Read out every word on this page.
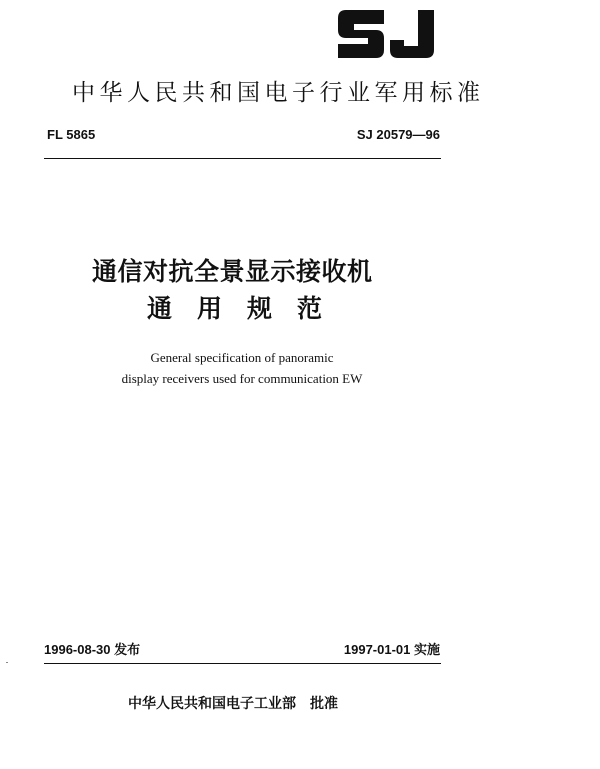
中华人民共和国电子行业军用标准
FL 5865	SJ 20579—96
通信对抗全景显示接收机
通用规范
General specification of panoramic
display receivers used for communication EW
1996-08-30 发布	1997-01-01 实施
中华人民共和国电子工业部 批准
